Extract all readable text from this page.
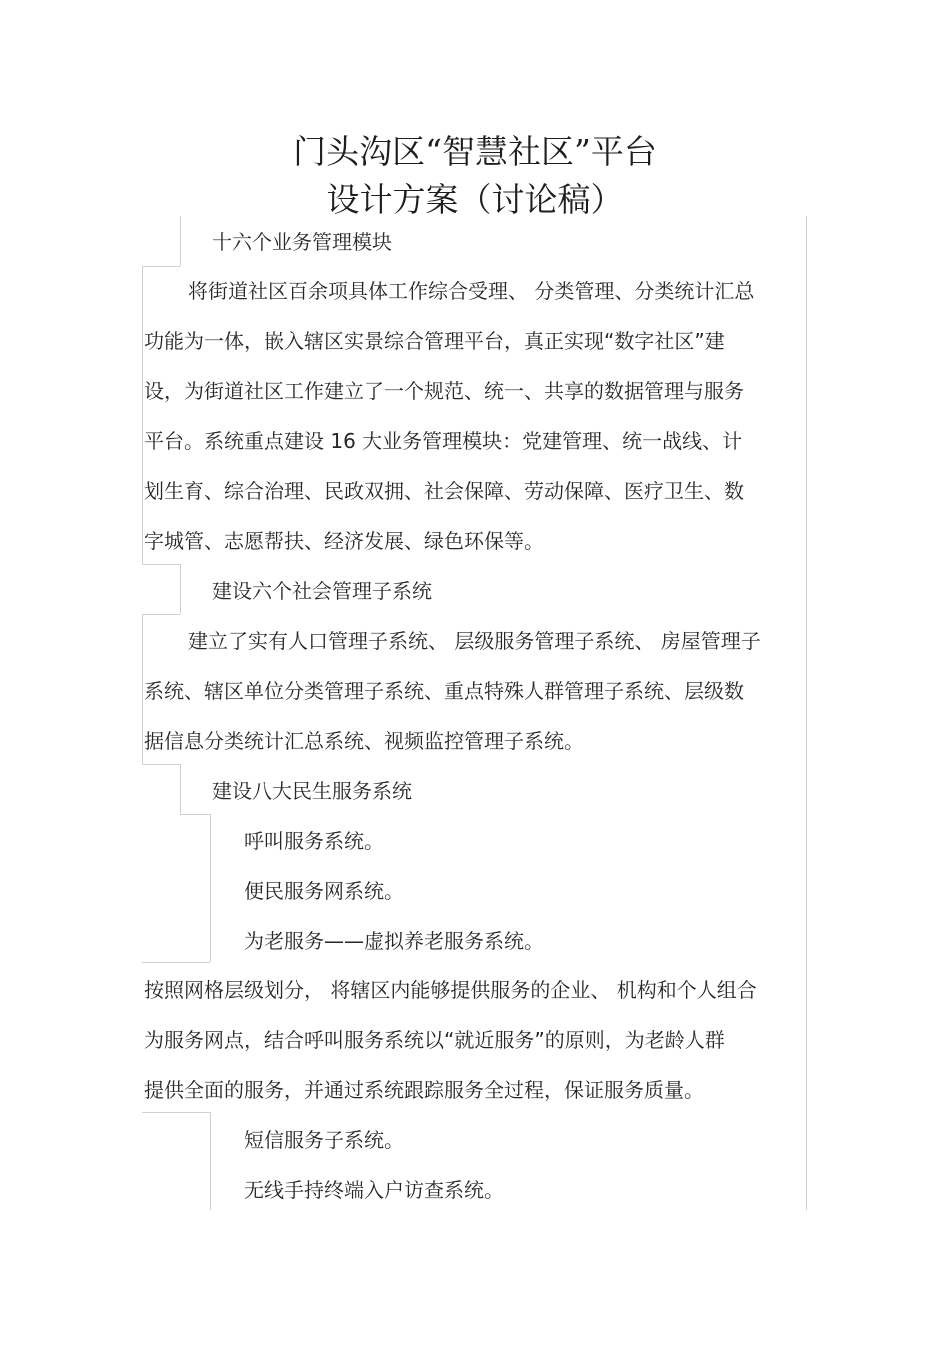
门头沟区“智慧社区”平台
设计方案（讨论稿）
十六个业务管理模块
将街道社区百余项具体工作综合受理、 分类管理、分类统计汇总
功能为一体，嵌入辖区实景综合管理平台，真正实现“数字社区”建
设，为街道社区工作建立了一个规范、统一、共享的数据管理与服务
平台。系统重点建设 16 大业务管理模块：党建管理、统一战线、计
划生育、综合治理、民政双拥、社会保障、劳动保障、医疗卫生、数
字城管、志愿帮扶、经济发展、绿色环保等。
建设六个社会管理子系统
建立了实有人口管理子系统、 层级服务管理子系统、 房屋管理子
系统、辖区单位分类管理子系统、重点特殊人群管理子系统、层级数
据信息分类统计汇总系统、视频监控管理子系统。
建设八大民生服务系统
呼叫服务系统。
便民服务网系统。
为老服务——虚拟养老服务系统。
按照网格层级划分， 将辖区内能够提供服务的企业、 机构和个人组合
为服务网点，结合呼叫服务系统以“就近服务”的原则，为老龄人群
提供全面的服务，并通过系统跟踪服务全过程，保证服务质量。
短信服务子系统。
无线手持终端入户访查系统。
